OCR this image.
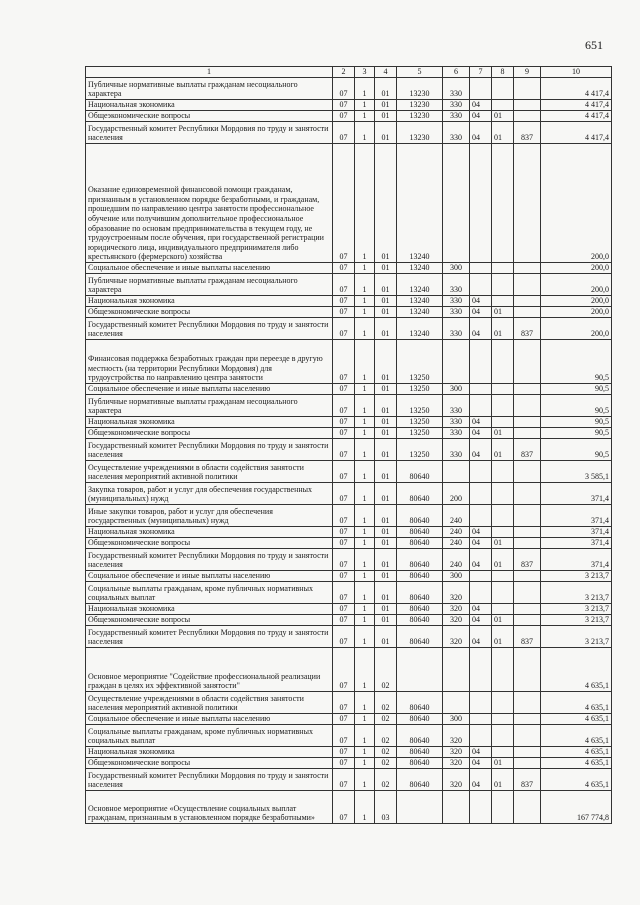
651
1	2	3	4	5	6	7	8	9	10
Публичные нормативные выплаты гражданам несоциального характера	07	1	01	13230	330				4 417,4
Национальная экономика	07	1	01	13230	330	04			4 417,4
Общеэкономические вопросы	07	1	01	13230	330	04	01		4 417,4
Государственный комитет Республики Мордовия по труду и занятости населения	07	1	01	13230	330	04	01	837	4 417,4
Оказание единовременной финансовой помощи гражданам, признанным в установленном порядке безработными, и гражданам, прошедшим по направлению центра занятости профессиональное обучение или получившим дополнительное профессиональное образование по основам предпринимательства в текущем году, не трудоустроенным после обучения, при государственной регистрации юридического лица, индивидуального предпринимателя либо крестьянского (фермерского) хозяйства	07	1	01	13240					200,0
Социальное обеспечение и иные выплаты населению	07	1	01	13240	300				200,0
Публичные нормативные выплаты гражданам несоциального характера	07	1	01	13240	330				200,0
Национальная экономика	07	1	01	13240	330	04			200,0
Общеэкономические вопросы	07	1	01	13240	330	04	01		200,0
Государственный комитет Республики Мордовия по труду и занятости населения	07	1	01	13240	330	04	01	837	200,0
Финансовая поддержка безработных граждан при переезде в другую местность (на территории Республики Мордовия) для трудоустройства по направлению центра занятости	07	1	01	13250					90,5
Социальное обеспечение и иные выплаты населению	07	1	01	13250	300				90,5
Публичные нормативные выплаты гражданам несоциального характера	07	1	01	13250	330				90,5
Национальная экономика	07	1	01	13250	330	04			90,5
Общеэкономические вопросы	07	1	01	13250	330	04	01		90,5
Государственный комитет Республики Мордовия по труду и занятости населения	07	1	01	13250	330	04	01	837	90,5
Осуществление учреждениями в области содействия занятости населения мероприятий активной политики	07	1	01	80640					3 585,1
Закупка товаров, работ и услуг для обеспечения государственных (муниципальных) нужд	07	1	01	80640	200				371,4
Иные закупки товаров, работ и услуг для обеспечения государственных (муниципальных) нужд	07	1	01	80640	240				371,4
Национальная экономика	07	1	01	80640	240	04			371,4
Общеэкономические вопросы	07	1	01	80640	240	04	01		371,4
Государственный комитет Республики Мордовия по труду и занятости населения	07	1	01	80640	240	04	01	837	371,4
Социальное обеспечение и иные выплаты населению	07	1	01	80640	300				3 213,7
Социальные выплаты гражданам, кроме публичных нормативных социальных выплат	07	1	01	80640	320				3 213,7
Национальная экономика	07	1	01	80640	320	04			3 213,7
Общеэкономические вопросы	07	1	01	80640	320	04	01		3 213,7
Государственный комитет Республики Мордовия по труду и занятости населения	07	1	01	80640	320	04	01	837	3 213,7
Основное мероприятие "Содействие профессиональной реализации граждан в целях их эффективной занятости"	07	1	02						4 635,1
Осуществление учреждениями в области содействия занятости населения мероприятий активной политики	07	1	02	80640					4 635,1
Социальное обеспечение и иные выплаты населению	07	1	02	80640	300				4 635,1
Социальные выплаты гражданам, кроме публичных нормативных социальных выплат	07	1	02	80640	320				4 635,1
Национальная экономика	07	1	02	80640	320	04			4 635,1
Общеэкономические вопросы	07	1	02	80640	320	04	01		4 635,1
Государственный комитет Республики Мордовия по труду и занятости населения	07	1	02	80640	320	04	01	837	4 635,1
Основное мероприятие «Осуществление социальных выплат гражданам, признанным в установленном порядке безработными»	07	1	03						167 774,8
